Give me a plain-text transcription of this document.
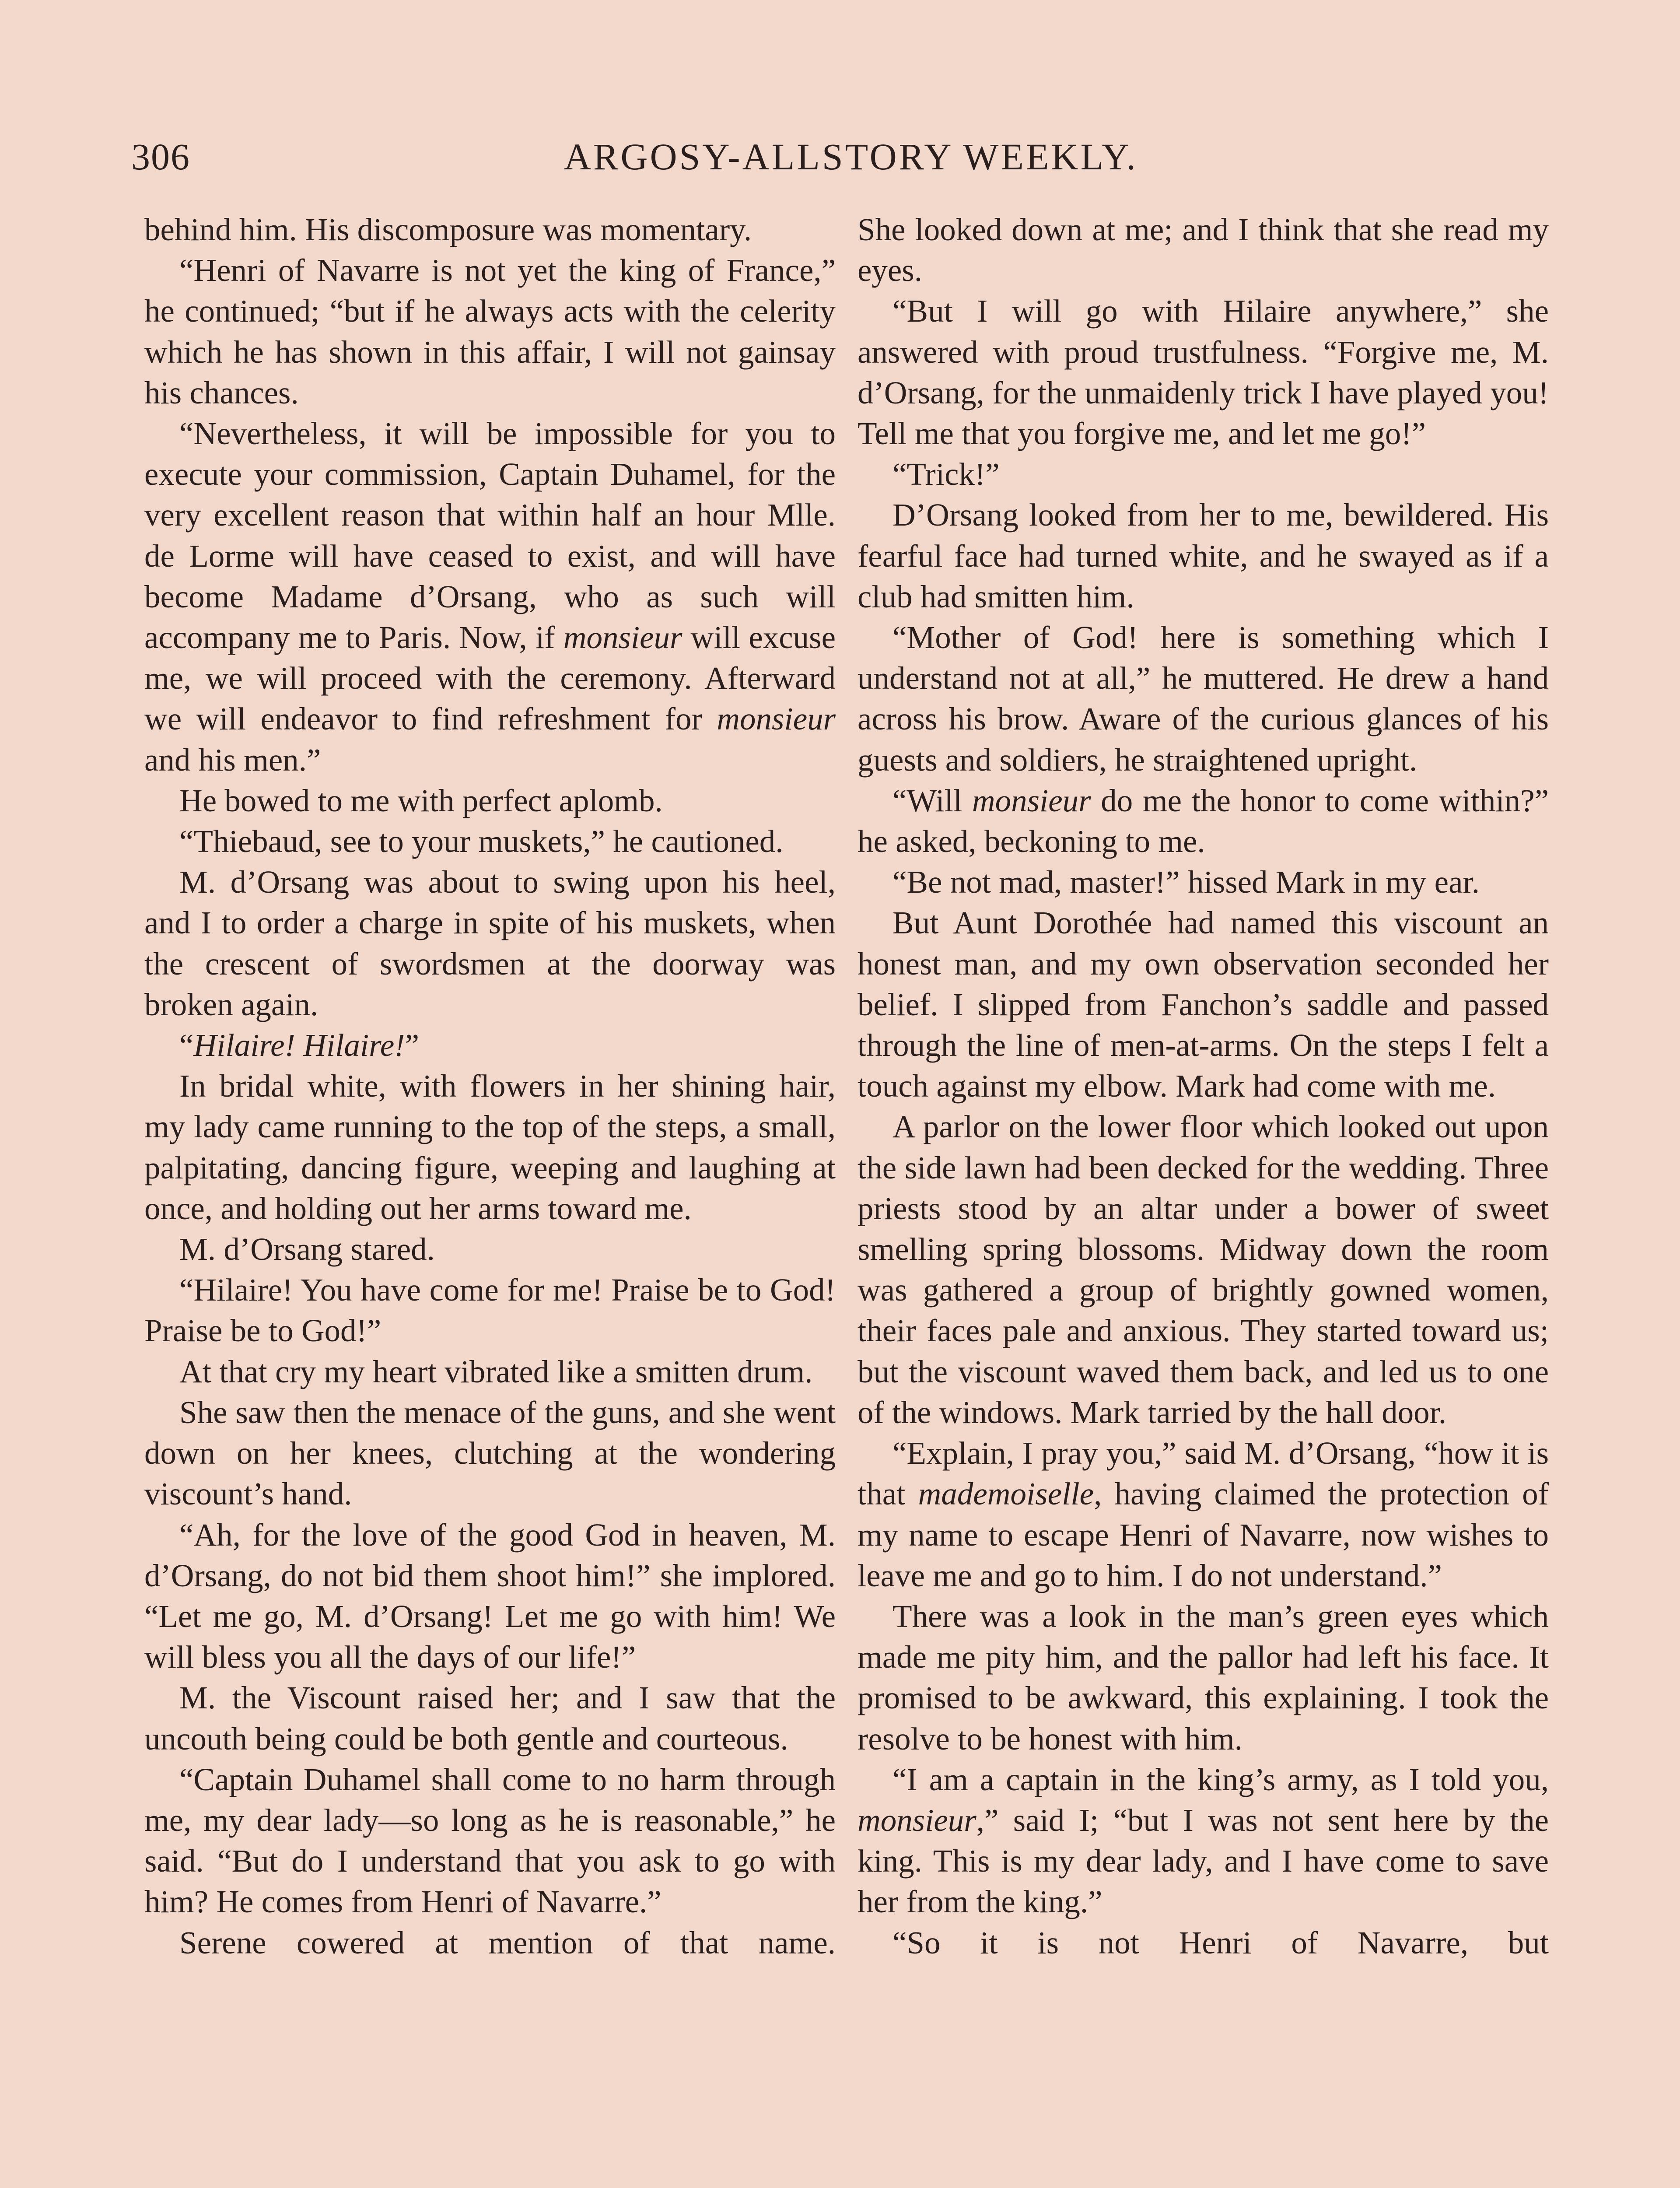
306	ARGOSY-ALLSTORY WEEKLY.

behind him. His discomposure was momentary.

“Henri of Navarre is not yet the king of France,” he continued; “but if he always acts with the celerity which he has shown in this affair, I will not gainsay his chances.

“Nevertheless, it will be impossible for you to execute your commission, Captain Duhamel, for the very excellent reason that within half an hour Mlle. de Lorme will have ceased to exist, and will have become Madame d’Orsang, who as such will accompany me to Paris. Now, if monsieur will excuse me, we will proceed with the ceremony. Afterward we will endeavor to find refreshment for monsieur and his men.”

He bowed to me with perfect aplomb.

“Thiebaud, see to your muskets,” he cautioned.

M. d’Orsang was about to swing upon his heel, and I to order a charge in spite of his muskets, when the crescent of swordsmen at the doorway was broken again.

“Hilaire! Hilaire!”

In bridal white, with flowers in her shining hair, my lady came running to the top of the steps, a small, palpitating, dancing figure, weeping and laughing at once, and holding out her arms toward me.

M. d’Orsang stared.

“Hilaire! You have come for me! Praise be to God! Praise be to God!”

At that cry my heart vibrated like a smitten drum.

She saw then the menace of the guns, and she went down on her knees, clutching at the wondering viscount’s hand.

“Ah, for the love of the good God in heaven, M. d’Orsang, do not bid them shoot him!” she implored. “Let me go, M. d’Orsang! Let me go with him! We will bless you all the days of our life!”

M. the Viscount raised her; and I saw that the uncouth being could be both gentle and courteous.

“Captain Duhamel shall come to no harm through me, my dear lady—so long as he is reasonable,” he said. “But do I understand that you ask to go with him? He comes from Henri of Navarre.”

Serene cowered at mention of that name.

She looked down at me; and I think that she read my eyes.

“But I will go with Hilaire anywhere,” she answered with proud trustfulness. “Forgive me, M. d’Orsang, for the unmaidenly trick I have played you! Tell me that you forgive me, and let me go!”

“Trick!”

D’Orsang looked from her to me, bewildered. His fearful face had turned white, and he swayed as if a club had smitten him.

“Mother of God! here is something which I understand not at all,” he muttered. He drew a hand across his brow. Aware of the curious glances of his guests and soldiers, he straightened upright.

“Will monsieur do me the honor to come within?” he asked, beckoning to me.

“Be not mad, master!” hissed Mark in my ear.

But Aunt Dorothée had named this viscount an honest man, and my own observation seconded her belief. I slipped from Fanchon’s saddle and passed through the line of men-at-arms. On the steps I felt a touch against my elbow. Mark had come with me.

A parlor on the lower floor which looked out upon the side lawn had been decked for the wedding. Three priests stood by an altar under a bower of sweet smelling spring blossoms. Midway down the room was gathered a group of brightly gowned women, their faces pale and anxious. They started toward us; but the viscount waved them back, and led us to one of the windows. Mark tarried by the hall door.

“Explain, I pray you,” said M. d’Orsang, “how it is that mademoiselle, having claimed the protection of my name to escape Henri of Navarre, now wishes to leave me and go to him. I do not understand.”

There was a look in the man’s green eyes which made me pity him, and the pallor had left his face. It promised to be awkward, this explaining. I took the resolve to be honest with him.

“I am a captain in the king’s army, as I told you, monsieur,” said I; “but I was not sent here by the king. This is my dear lady, and I have come to save her from the king.”

“So it is not Henri of Navarre, but
